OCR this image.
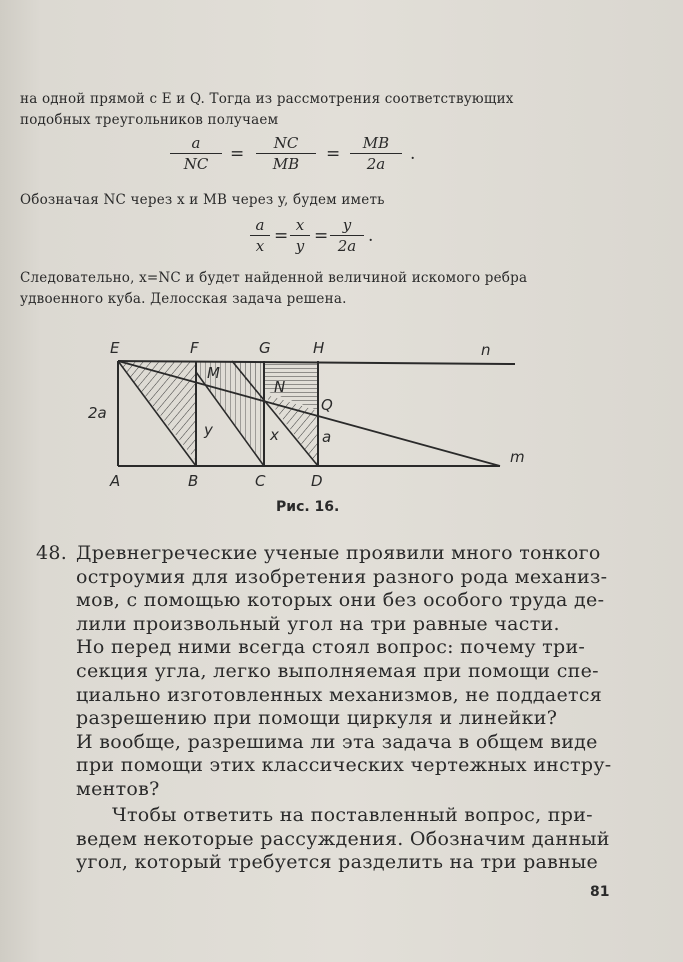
на одной прямой с E и Q. Тогда из рассмотрения соответствующих
подобных треугольников получаем
$\frac{a}{NC} = \frac{NC}{MB} = \frac{MB}{2a}$ .
Обозначая NC через x и MB через y, будем иметь
$\frac{a}{x} = \frac{x}{y} = \frac{y}{2a}$ .
Следовательно, x=NC и будет найденной величиной искомого ребра
удвоенного куба. Делосская задача решена.
E	F	G	H	n
M
N
Q
2a
y	x	a
m
A	B	C	D
Рис. 16.
48. Древнегреческие ученые проявили много тонкого
остроумия для изобретения разного рода механиз-
мов, с помощью которых они без особого труда де-
лили произвольный угол на три равные части.
Но перед ними всегда стоял вопрос: почему три-
секция угла, легко выполняемая при помощи спе-
циально изготовленных механизмов, не поддается
разрешению при помощи циркуля и линейки?
И вообще, разрешима ли эта задача в общем виде
при помощи этих классических чертежных инстру-
ментов?
Чтобы ответить на поставленный вопрос, при-
ведем некоторые рассуждения. Обозначим данный
угол, который требуется разделить на три равные
81
